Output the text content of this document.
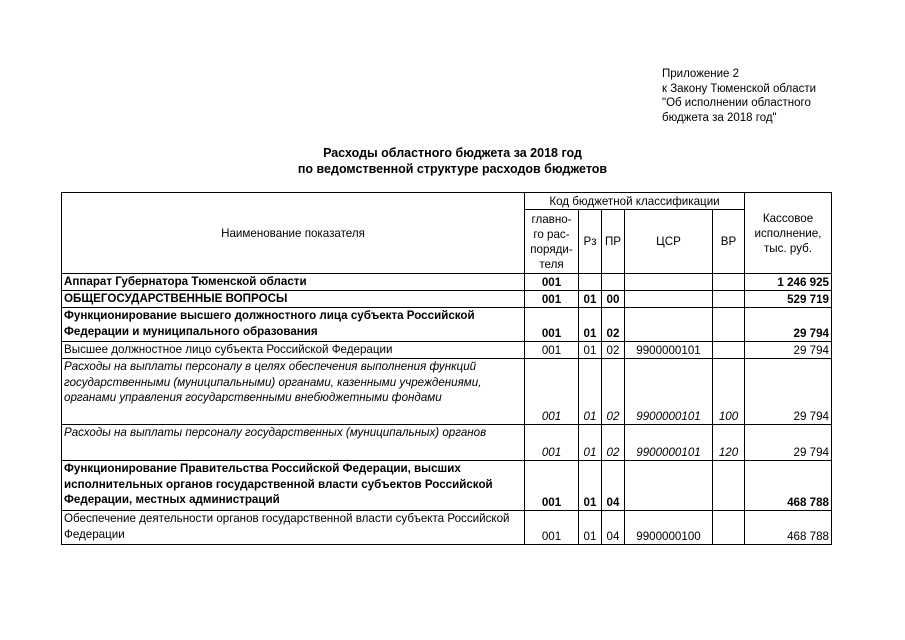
Приложение 2
к Закону Тюменской области
"Об исполнении областного
бюджета за 2018 год"
Расходы областного бюджета за 2018 год
по ведомственной структуре расходов бюджетов
Наименование показателя	Код бюджетной классификации					Кассовое
исполнение,
тыс. руб.

	главно-
го рас-
поряди-
теля	Рз	ПР	ЦСР	ВР	
Аппарат Губернатора Тюменской области	001					1 246 925
ОБЩЕГОСУДАРСТВЕННЫЕ ВОПРОСЫ	001	01	00			529 719
Функционирование высшего должностного лица субъекта Российской Федерации и муниципального образования	001	01	02			29 794
Высшее должностное лицо субъекта Российской Федерации	001	01	02	9900000101		29 794
Расходы на выплаты персоналу в целях обеспечения выполнения функций государственными (муниципальными) органами, казенными учреждениями, органами управления государственными внебюджетными фондами	001	01	02	9900000101	100	29 794
Расходы на выплаты персоналу государственных (муниципальных) органов	001	01	02	9900000101	120	29 794
Функционирование Правительства Российской Федерации, высших исполнительных органов государственной власти субъектов Российской Федерации, местных администраций	001	01	04			468 788
Обеспечение деятельности органов государственной власти субъекта Российской Федерации	001	01	04	9900000100		468 788
